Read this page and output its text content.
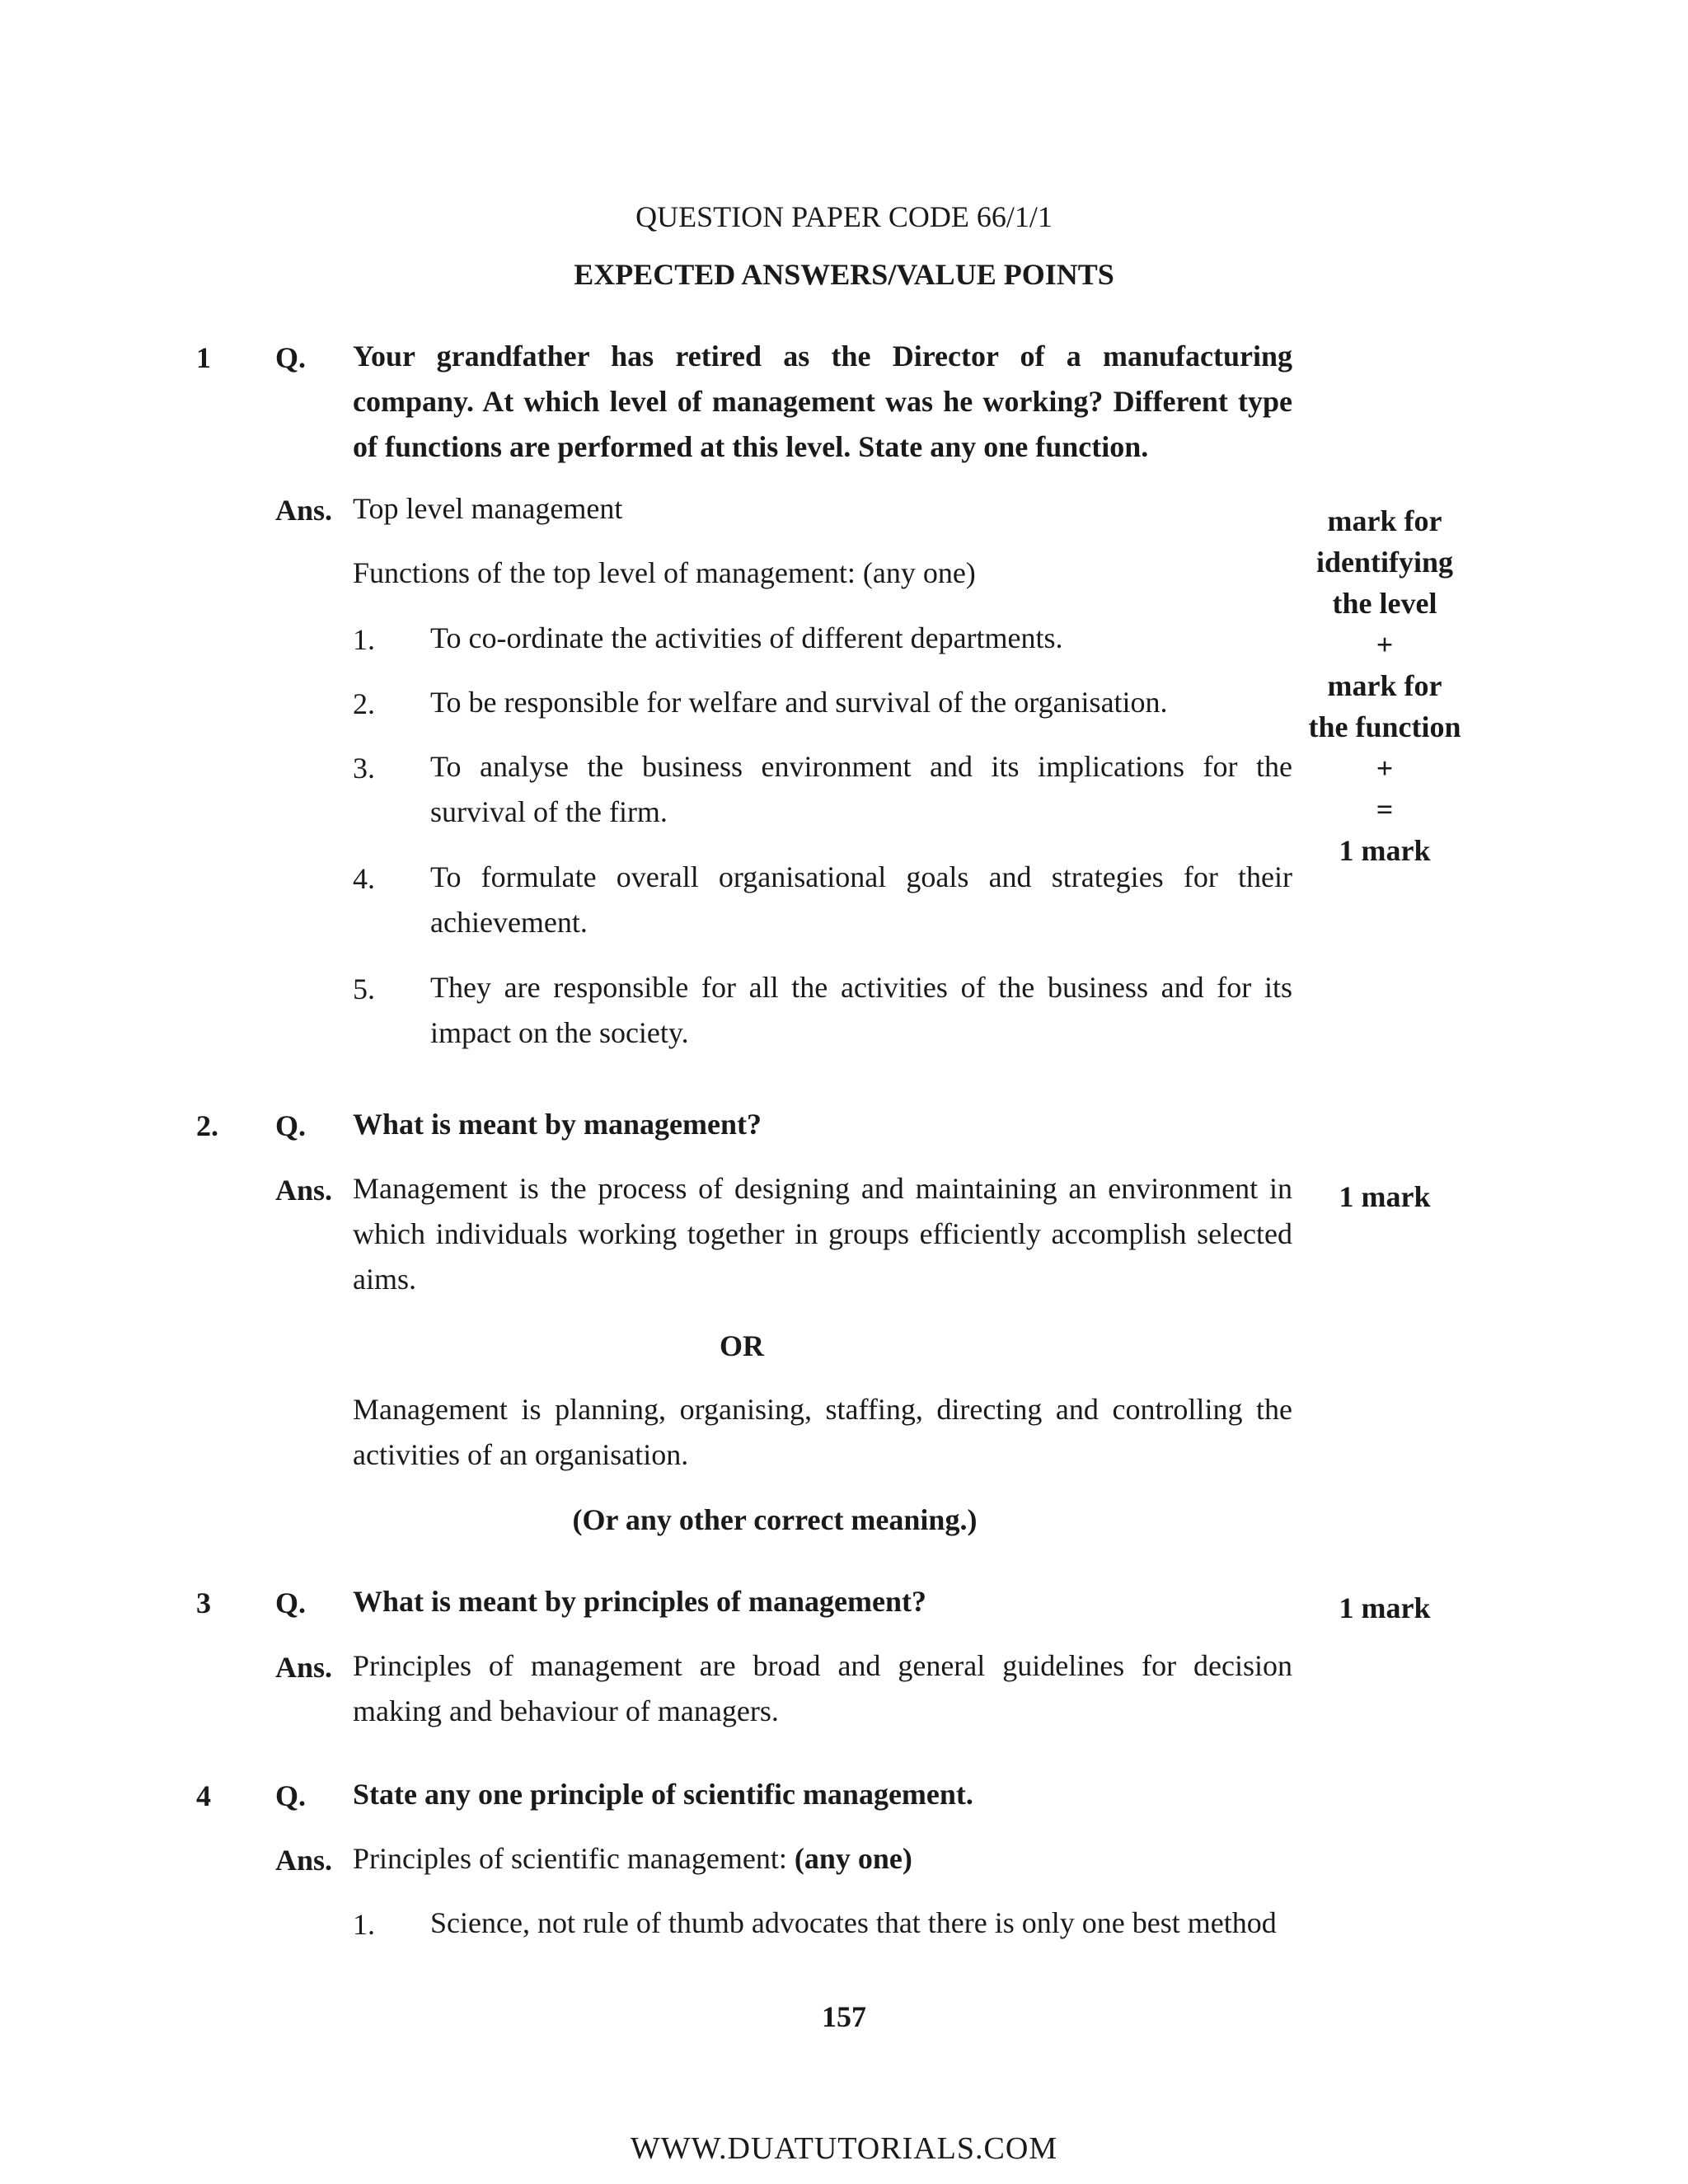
QUESTION PAPER CODE 66/1/1
EXPECTED ANSWERS/VALUE POINTS
1 Q. Your grandfather has retired as the Director of a manufacturing company. At which level of management was he working? Different type of functions are performed at this level. State any one function.
Ans. Top level management
Functions of the top level of management: (any one)
1. To co-ordinate the activities of different departments.
2. To be responsible for welfare and survival of the organisation.
3. To analyse the business environment and its implications for the survival of the firm.
4. To formulate overall organisational goals and strategies for their achievement.
5. They are responsible for all the activities of the business and for its impact on the society.
mark for
identifying
the level
+
mark for
the function
+
=
1 mark
2. Q. What is meant by management?
Ans. Management is the process of designing and maintaining an environment in which individuals working together in groups efficiently accomplish selected aims.
1 mark
OR
Management is planning, organising, staffing, directing and controlling the activities of an organisation.
(Or any other correct meaning.)
3 Q. What is meant by principles of management?	1 mark
Ans. Principles of management are broad and general guidelines for decision making and behaviour of managers.
4 Q. State any one principle of scientific management.
Ans. Principles of scientific management: (any one)
1. Science, not rule of thumb advocates that there is only one best method
157
WWW.DUATUTORIALS.COM
